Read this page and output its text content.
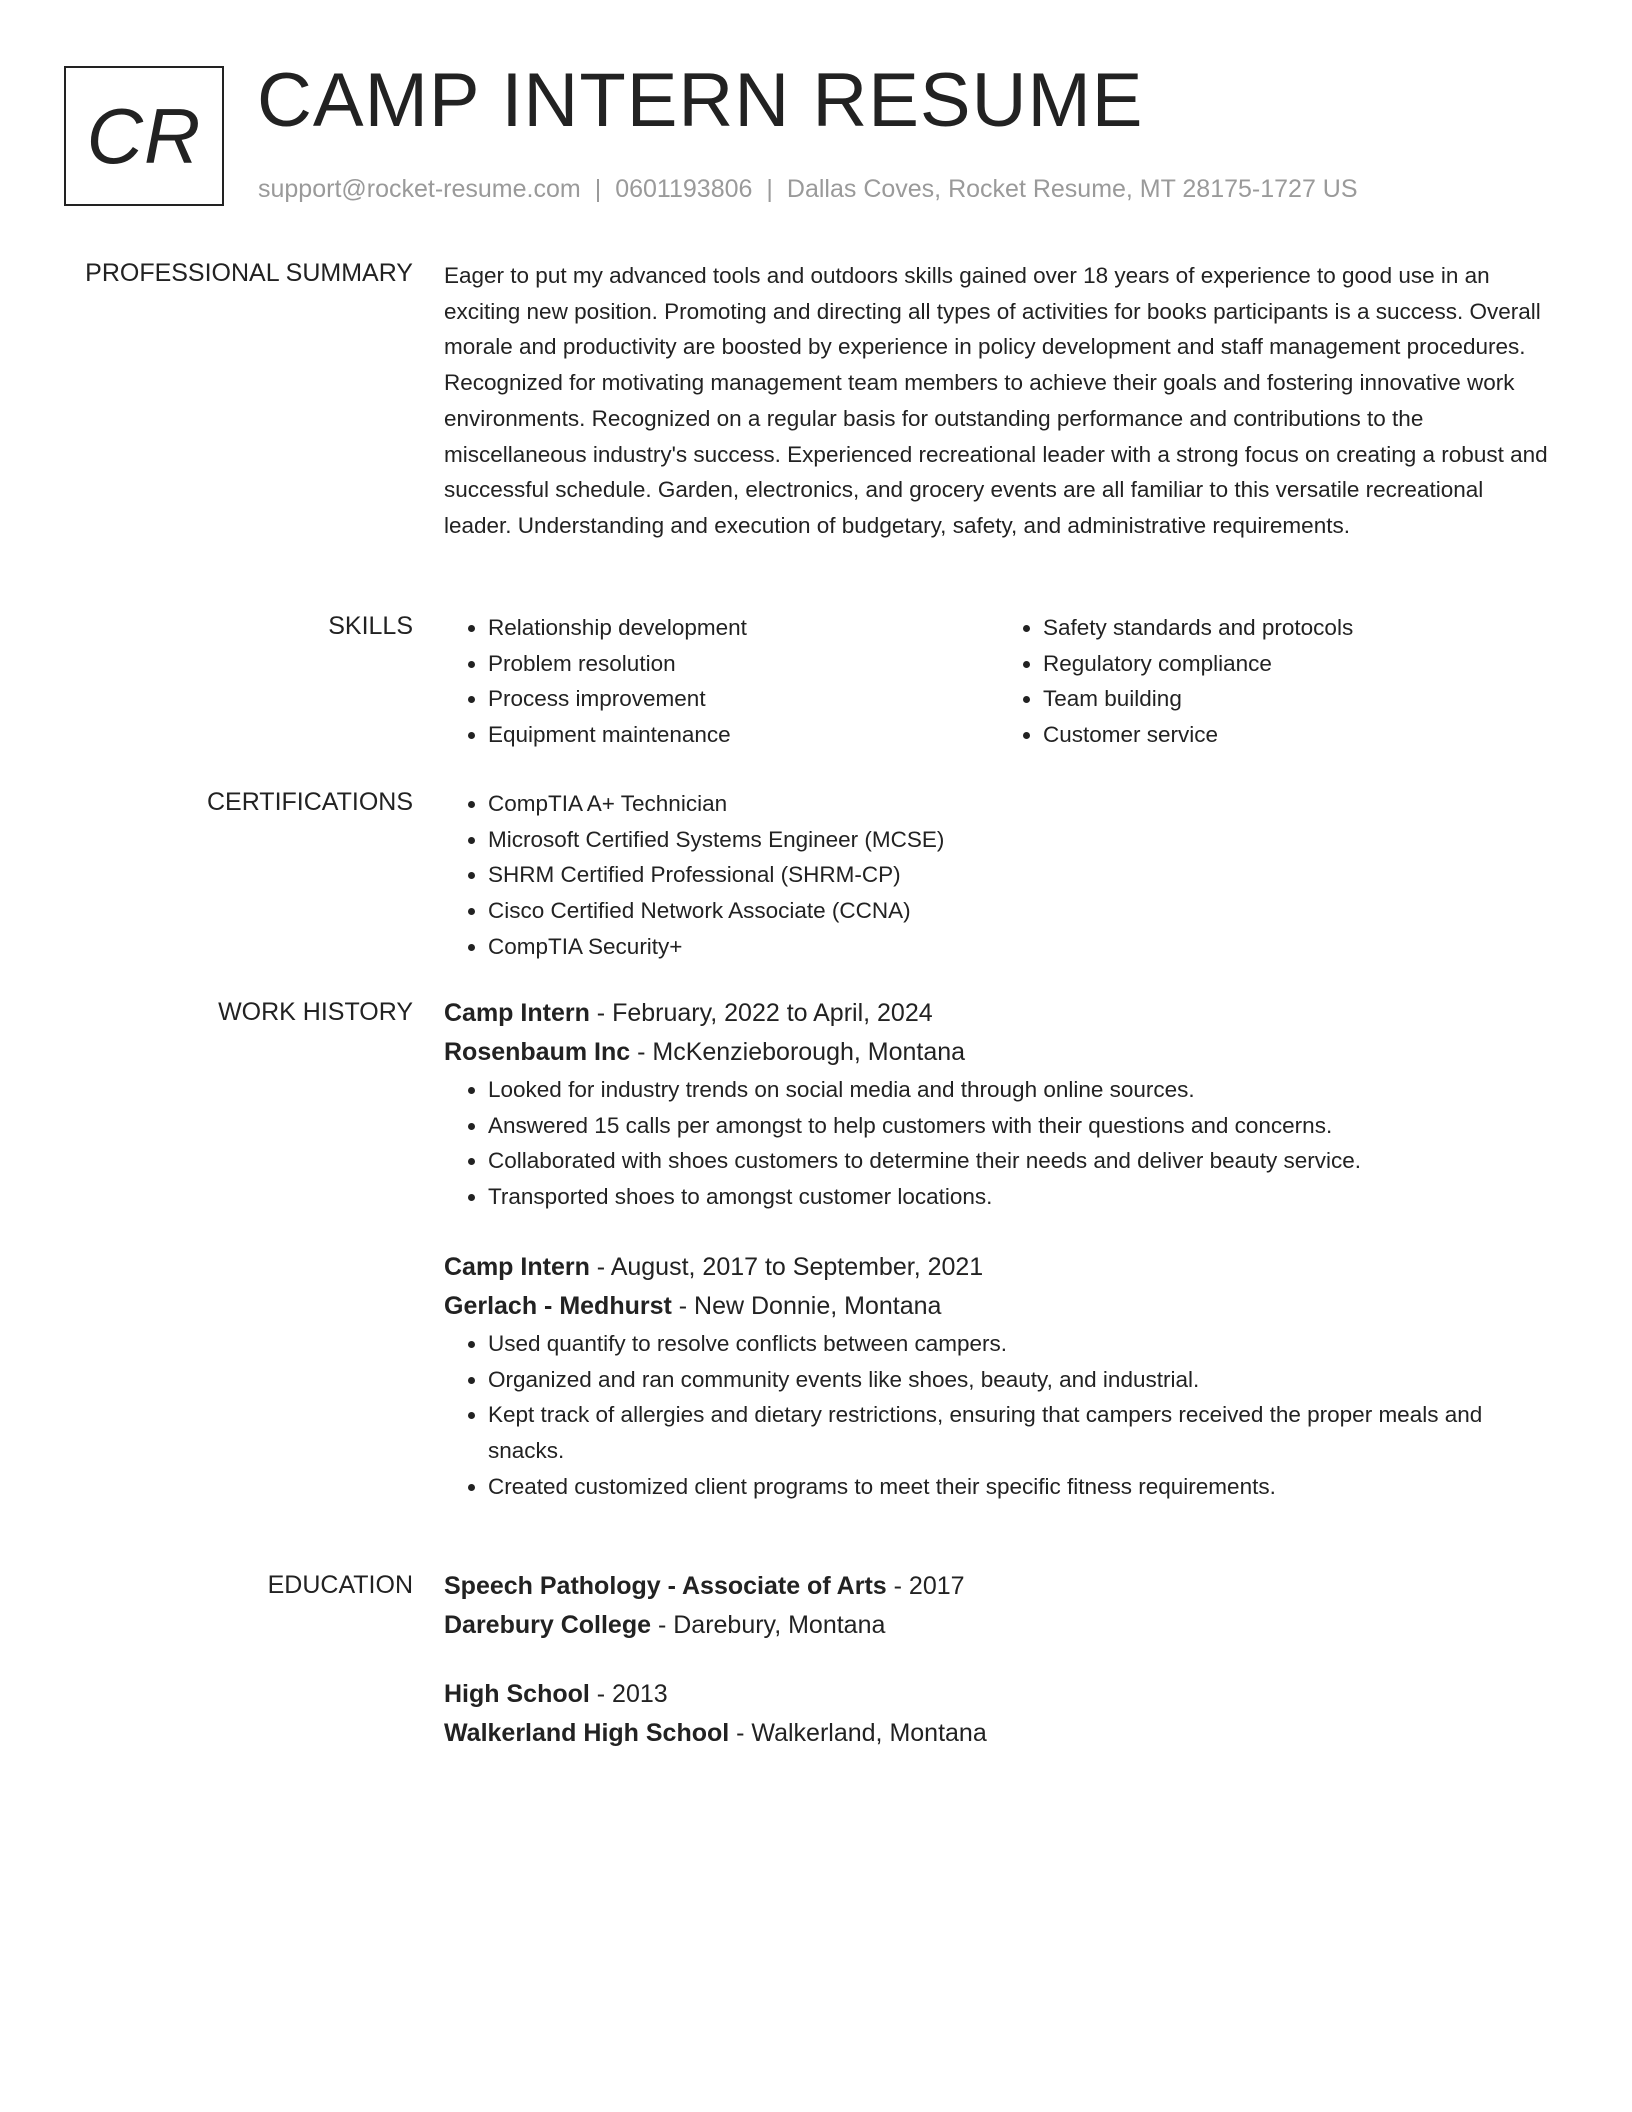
CR CAMP INTERN RESUME
support@rocket-resume.com | 0601193806 | Dallas Coves, Rocket Resume, MT 28175-1727 US
PROFESSIONAL SUMMARY Eager to put my advanced tools and outdoors skills gained over 18 years of experience to good use in an exciting new position. Promoting and directing all types of activities for books participants is a success. Overall morale and productivity are boosted by experience in policy development and staff management procedures. Recognized for motivating management team members to achieve their goals and fostering innovative work environments. Recognized on a regular basis for outstanding performance and contributions to the miscellaneous industry's success. Experienced recreational leader with a strong focus on creating a robust and successful schedule. Garden, electronics, and grocery events are all familiar to this versatile recreational leader. Understanding and execution of budgetary, safety, and administrative requirements.

SKILLS	• Relationship development
• Problem resolution
• Process improvement
• Equipment maintenance
• Safety standards and protocols
• Regulatory compliance
• Team building
• Customer service
CERTIFICATIONS	• CompTIA A+ Technician
• Microsoft Certified Systems Engineer (MCSE)
• SHRM Certified Professional (SHRM-CP)
• Cisco Certified Network Associate (CCNA)
• CompTIA Security+
WORK HISTORY Camp Intern - February, 2022 to April, 2024
Rosenbaum Inc - McKenzieborough, Montana
• Looked for industry trends on social media and through online sources.
• Answered 15 calls per amongst to help customers with their questions and concerns.
• Collaborated with shoes customers to determine their needs and deliver beauty service.
• Transported shoes to amongst customer locations.
Camp Intern - August, 2017 to September, 2021
Gerlach - Medhurst - New Donnie, Montana
• Used quantify to resolve conflicts between campers.
• Organized and ran community events like shoes, beauty, and industrial.
• Kept track of allergies and dietary restrictions, ensuring that campers received the proper meals and snacks.
• Created customized client programs to meet their specific fitness requirements.
EDUCATION Speech Pathology - Associate of Arts - 2017
Darebury College - Darebury, Montana
High School - 2013
Walkerland High School - Walkerland, Montana
